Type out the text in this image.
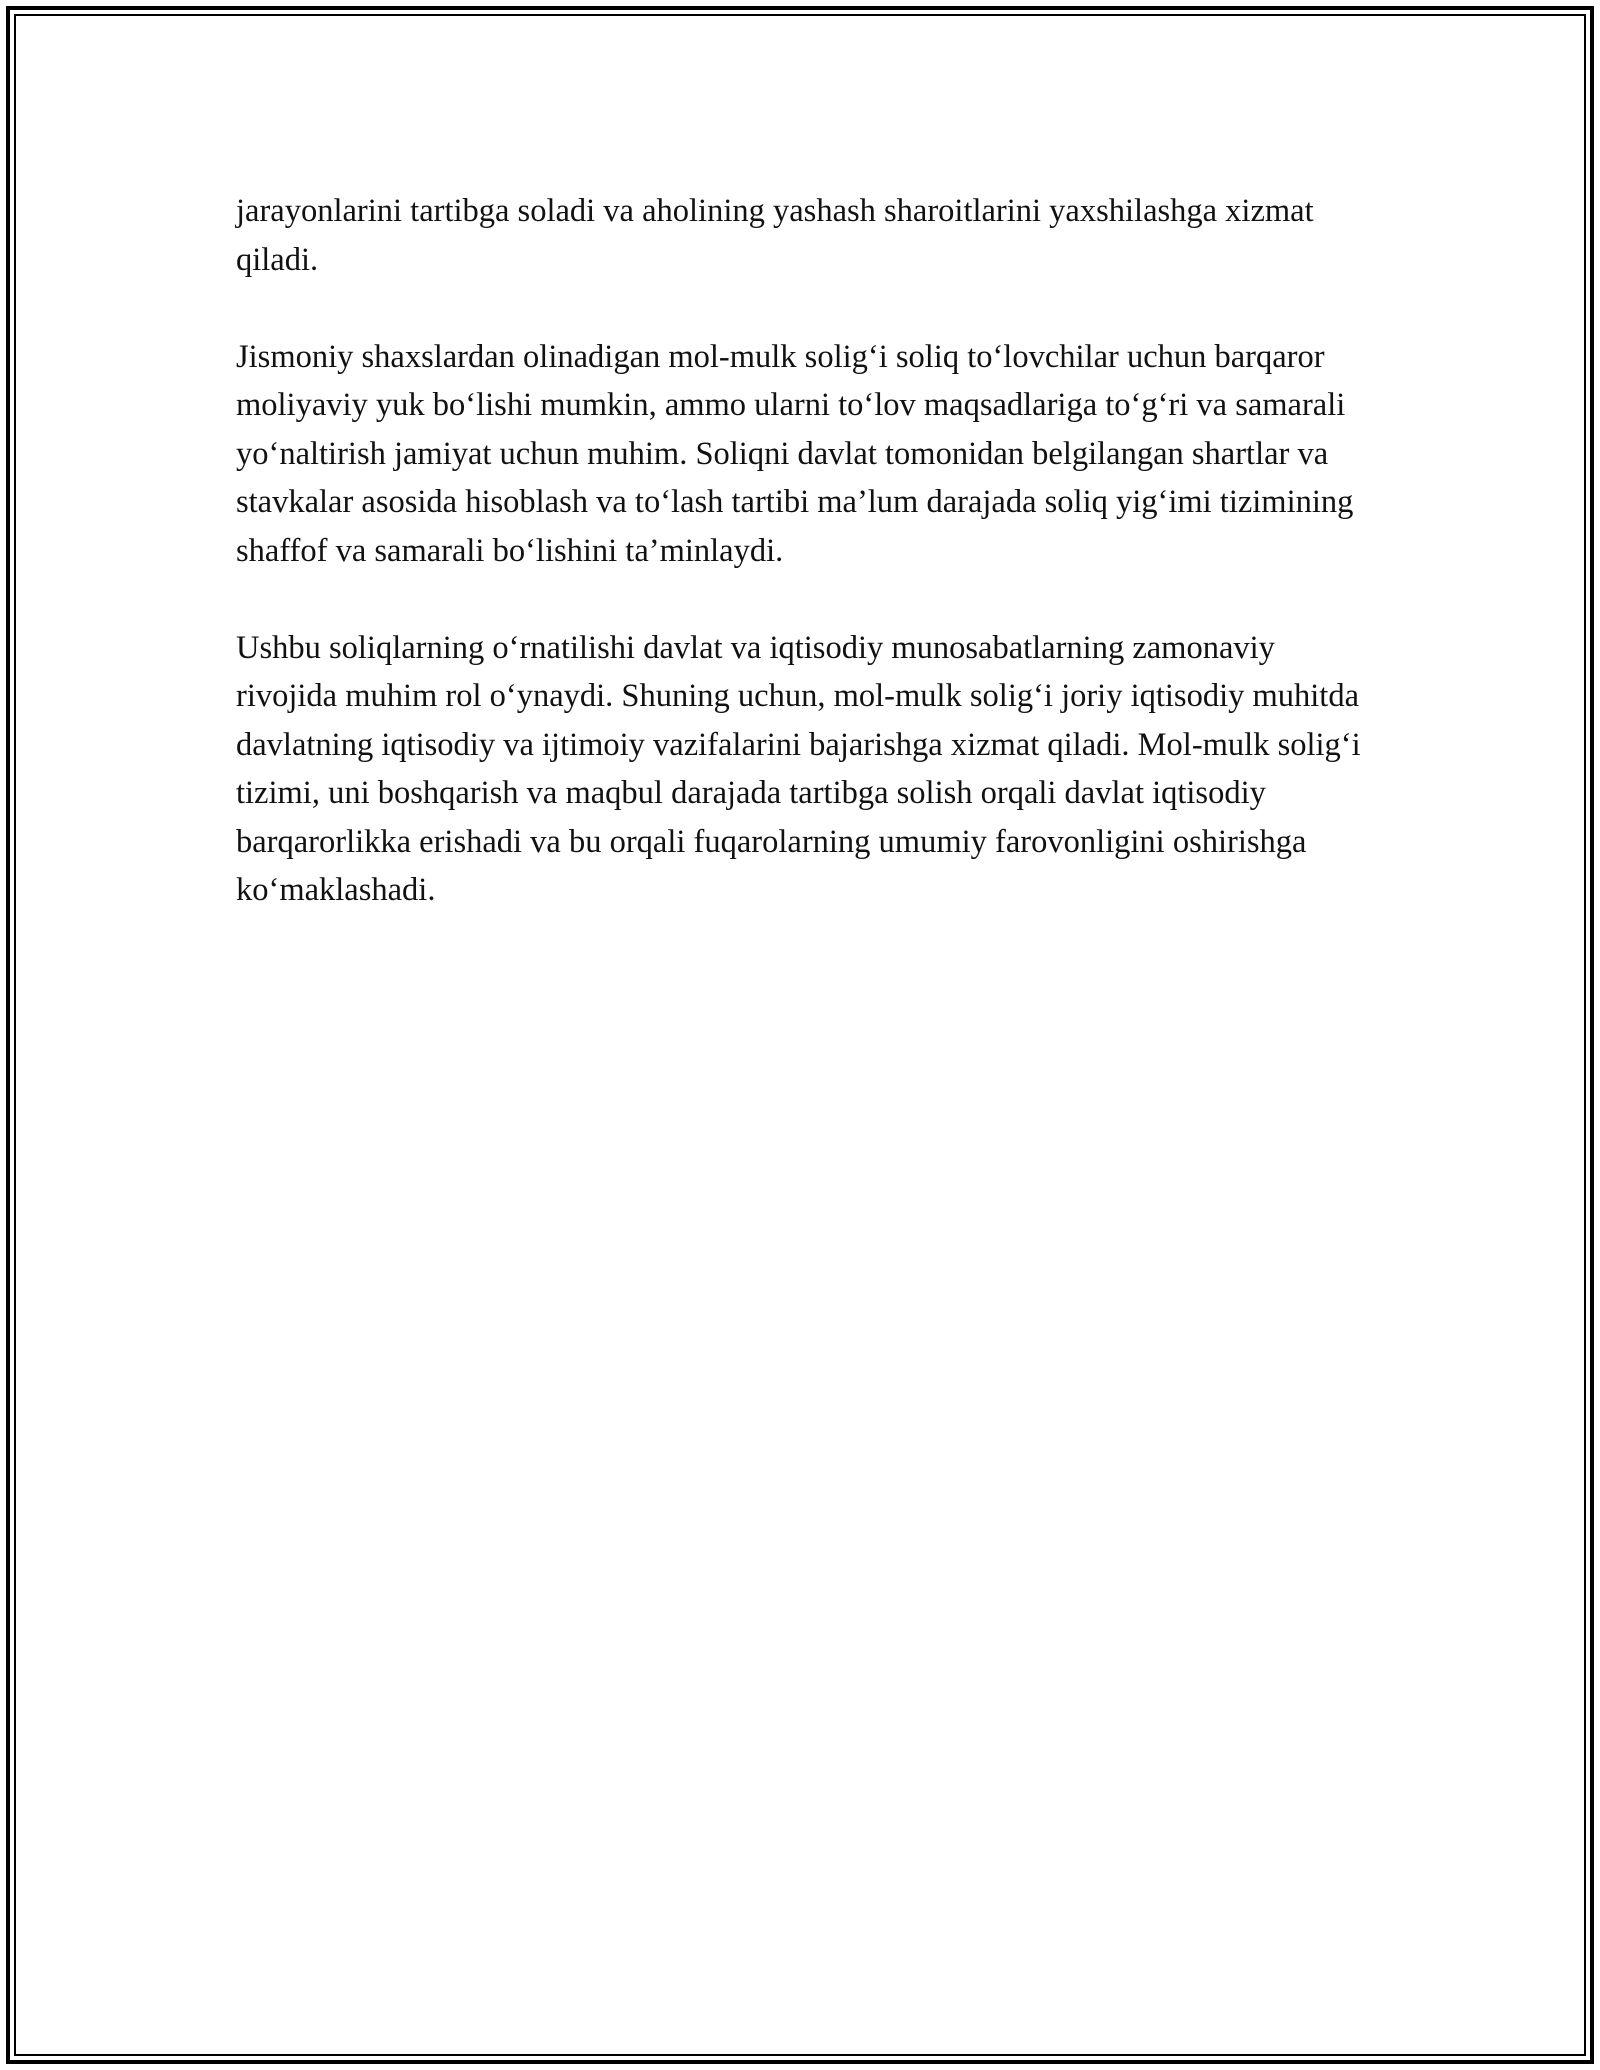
jarayonlarini tartibga soladi va aholining yashash sharoitlarini yaxshilashga xizmat qiladi.

Jismoniy shaxslardan olinadigan mol-mulk solig‘i soliq to‘lovchilar uchun barqaror moliyaviy yuk bo‘lishi mumkin, ammo ularni to‘lov maqsadlariga to‘g‘ri va samarali yo‘naltirish jamiyat uchun muhim. Soliqni davlat tomonidan belgilangan shartlar va stavkalar asosida hisoblash va to‘lash tartibi ma’lum darajada soliq yig‘imi tizimining shaffof va samarali bo‘lishini ta’minlaydi.

Ushbu soliqlarning o‘rnatilishi davlat va iqtisodiy munosabatlarning zamonaviy rivojida muhim rol o‘ynaydi. Shuning uchun, mol-mulk solig‘i joriy iqtisodiy muhitda davlatning iqtisodiy va ijtimoiy vazifalarini bajarishga xizmat qiladi. Mol-mulk solig‘i tizimi, uni boshqarish va maqbul darajada tartibga solish orqali davlat iqtisodiy barqarorlikka erishadi va bu orqali fuqarolarning umumiy farovonligini oshirishga ko‘maklashadi.
